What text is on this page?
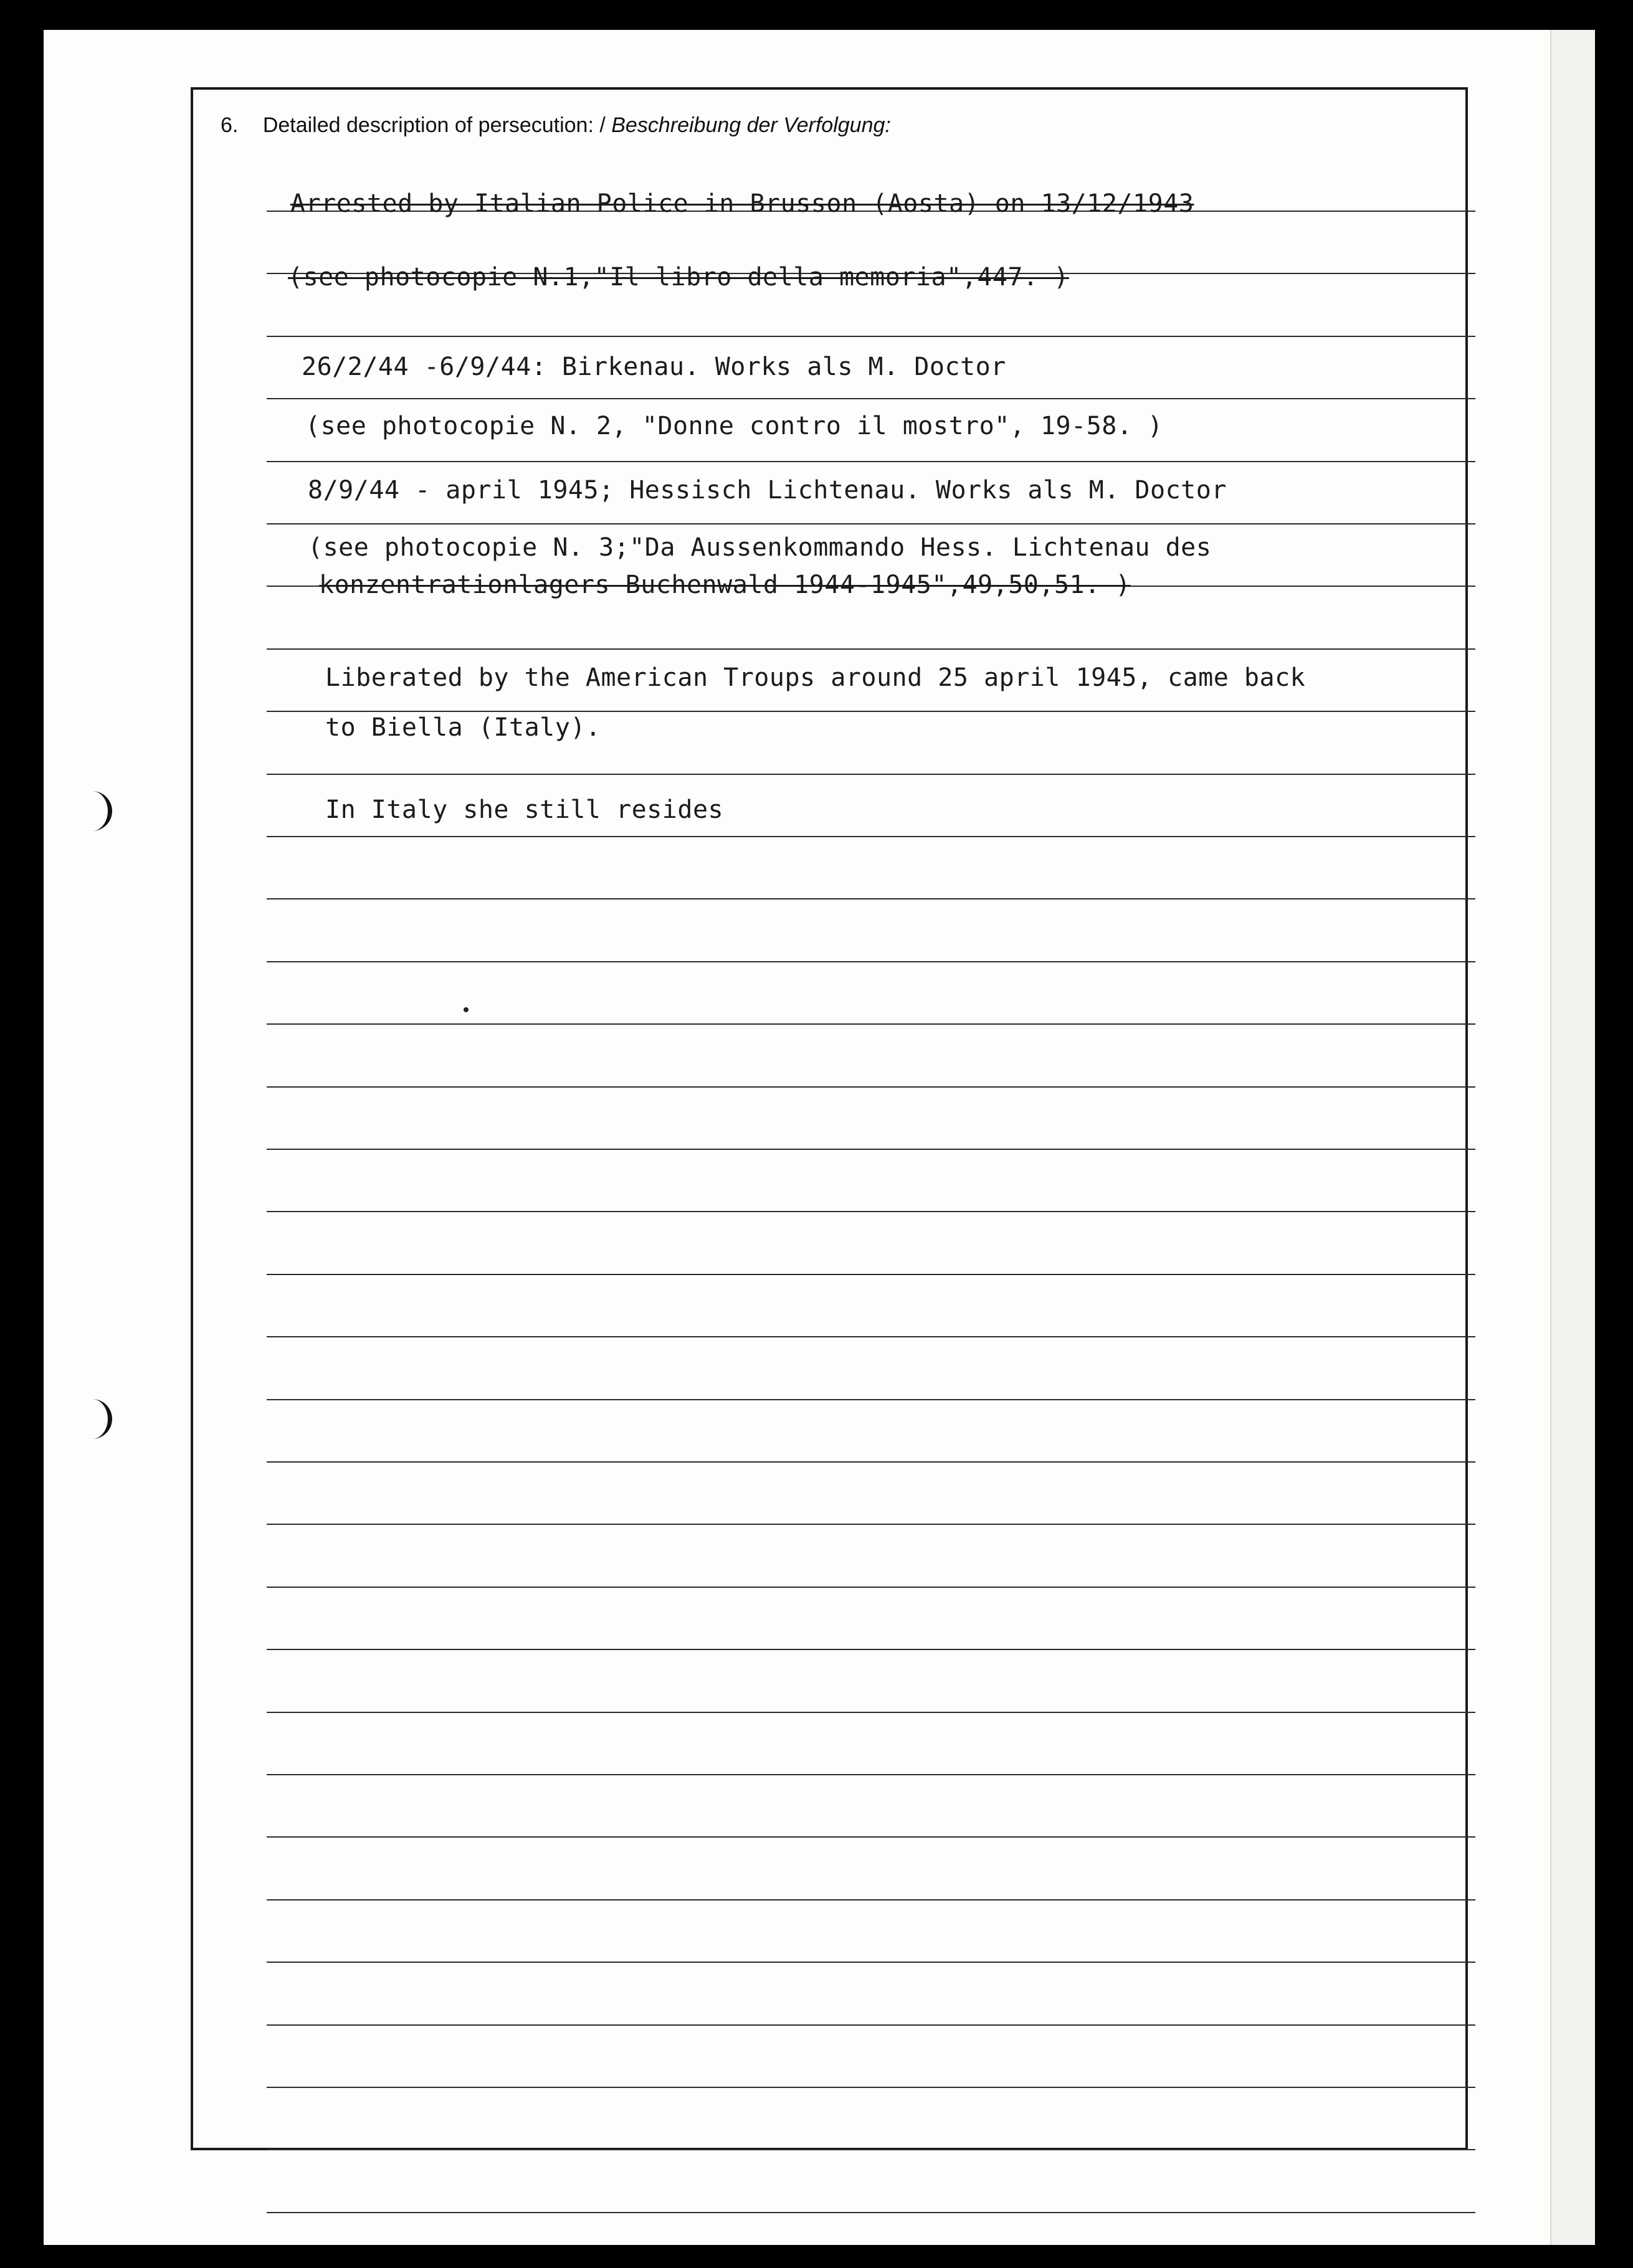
6. Detailed description of persecution: / Beschreibung der Verfolgung:
Arrested by Italian Police in Brusson (Aosta) on 13/12/1943
(see photocopie N.1,"Il libro della memoria",447. )
26/2/44 -6/9/44: Birkenau. Works als M. Doctor
(see photocopie N. 2, "Donne contro il mostro", 19-58. )
8/9/44 - april 1945; Hessisch Lichtenau. Works als M. Doctor
(see photocopie N. 3;"Da Aussenkommando Hess. Lichtenau des
konzentrationlagers Buchenwald 1944-1945",49,50,51. )
Liberated by the American Troups around 25 april 1945, came back
to Biella (Italy).
In Italy she still resides
